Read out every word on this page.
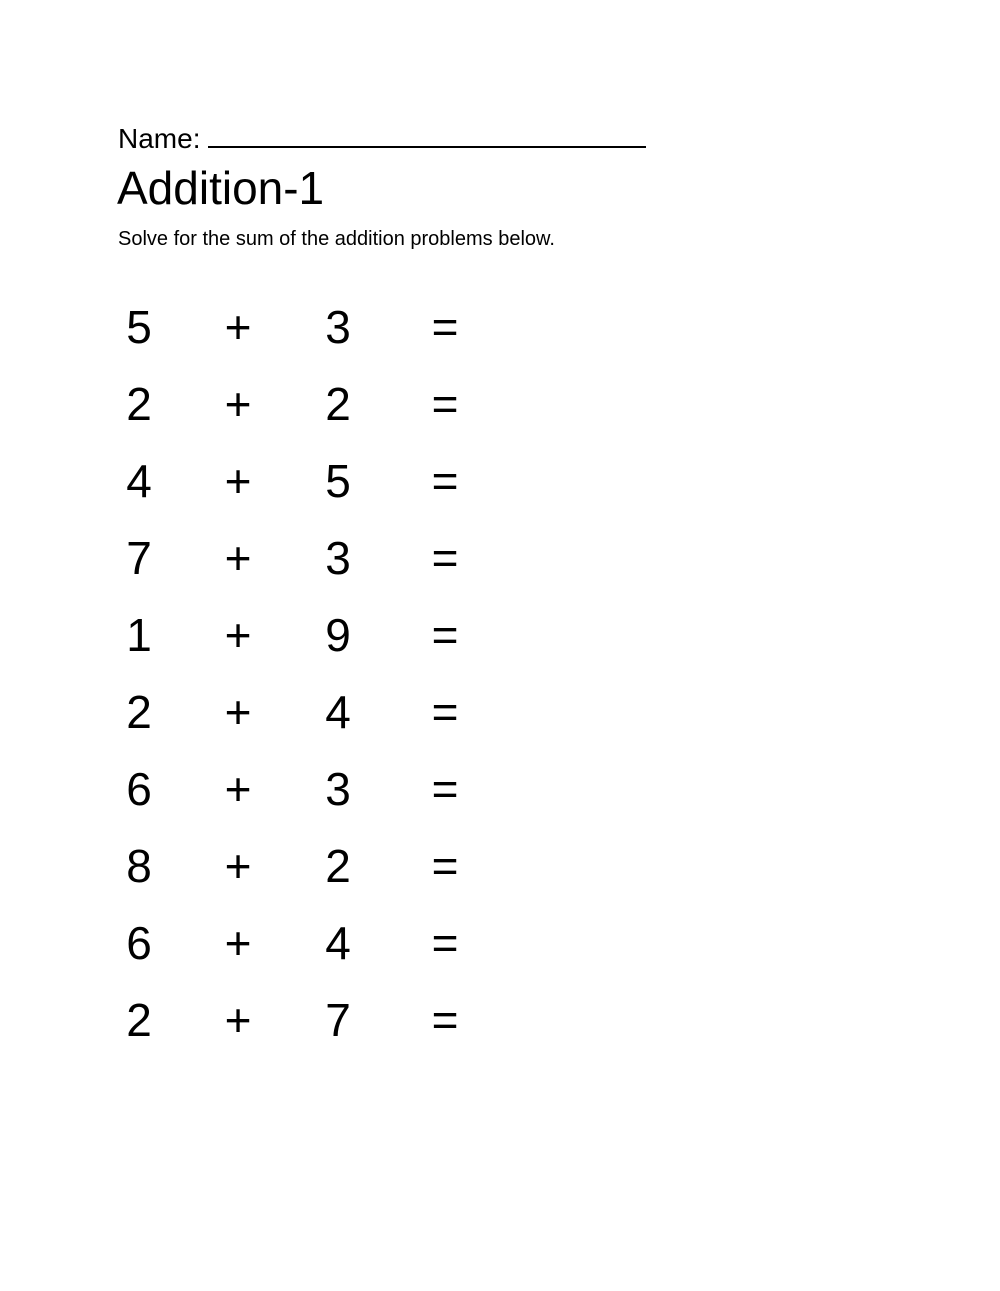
Name:
Addition-1
Solve for the sum of the addition problems below.
5	+	3	=
2	+	2	=
4	+	5	=
7	+	3	=
1	+	9	=
2	+	4	=
6	+	3	=
8	+	2	=
6	+	4	=
2	+	7	=
